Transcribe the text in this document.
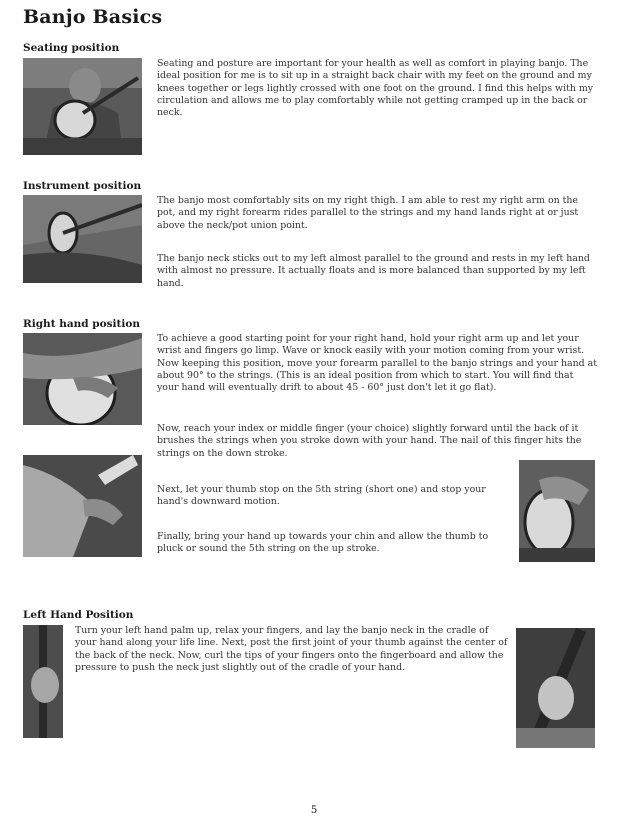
Banjo Basics
Seating position
Seating and posture are important for your health as well as comfort in playing banjo. The ideal position for me is to sit up in a straight back chair with my feet on the ground and my knees together or legs lightly crossed with one foot on the ground. I find this helps with my circulation and allows me to play comfortably while not getting cramped up in the back or neck.
Instrument position
The banjo most comfortably sits on my right thigh. I am able to rest my right arm on the pot, and my right forearm rides parallel to the strings and my hand lands right at or just above the neck/pot union point.
The banjo neck sticks out to my left almost parallel to the ground and rests in my left hand with almost no pressure. It actually floats and is more balanced than supported by my left hand.
Right hand position
To achieve a good starting point for your right hand, hold your right arm up and let your wrist and fingers go limp. Wave or knock easily with your motion coming from your wrist. Now keeping this position, move your forearm parallel to the banjo strings and your hand at about 90° to the strings. (This is an ideal position from which to start. You will find that your hand will eventually drift to about 45 - 60° just don't let it go flat).
Now, reach your index or middle finger (your choice) slightly forward until the back of it brushes the strings when you stroke down with your hand. The nail of this finger hits the strings on the down stroke.
Next, let your thumb stop on the 5th string (short one) and stop your hand's downward motion.
Finally, bring your hand up towards your chin and allow the thumb to pluck or sound the 5th string on the up stroke.
Left Hand Position
Turn your left hand palm up, relax your fingers, and lay the banjo neck in the cradle of your hand along your life line. Next, post the first joint of your thumb against the center of the back of the neck. Now, curl the tips of your fingers onto the fingerboard and allow the pressure to push the neck just slightly out of the cradle of your hand.
5
